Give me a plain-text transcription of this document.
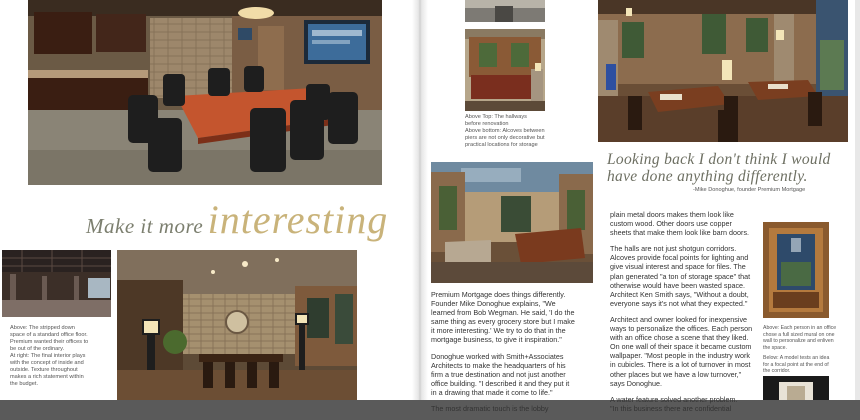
Make it more interesting
Above: The stripped down
space of a standard office floor.
Premium wanted their offices to
be out of the ordinary.
At right: The final interior plays
with the concept of inside and
outside. Texture throughout
makes a rich statement within
the budget.
Above Top: The hallways
before renovation
Above bottom: Alcoves between
piers are not only decorative but
practical locations for storage
Looking back I don't think I would
have done anything differently.
-Mike Donoghue, founder Premium Mortgage

Premium Mortgage does things differently.
Founder Mike Donoghue explains, "We
learned from Bob Wegman. He said, 'I do the
same thing as every grocery store but I make
it more interesting.' We try to do that in the
mortgage business, to give it inspiration."

Donoghue worked with Smith+Associates
Architects to make the headquarters of his
firm a true destination and not just another
office building. "I described it and they put it
in a drawing that made it come to life."

The most dramatic touch is the lobby

plain metal doors makes them look like
custom wood. Other doors use copper
sheets that make them look like barn doors.

The halls are not just shotgun corridors.
Alcoves provide focal points for lighting and
give visual interest and space for files. The
plan generated "a ton of storage space" that
otherwise would have been wasted space.
Architect Ken Smith says, "Without a doubt,
everyone says it's not what they expected."

Architect and owner looked for inexpensive
ways to personalize the offices. Each person
with an office chose a scene that they liked.
On one wall of their space it became custom
wallpaper. "Most people in the industry work
in cubicles. There is a lot of turnover in most
other places but we have a low turnover,"
says Donoghue.

A water feature solved another problem.
"In this business there are confidential

Above: Each person in an office
chose a full sized mural on one
wall to personalize and enliven
the space.
Below: A model tests an idea
for a focal point at the end of
the corridor.
